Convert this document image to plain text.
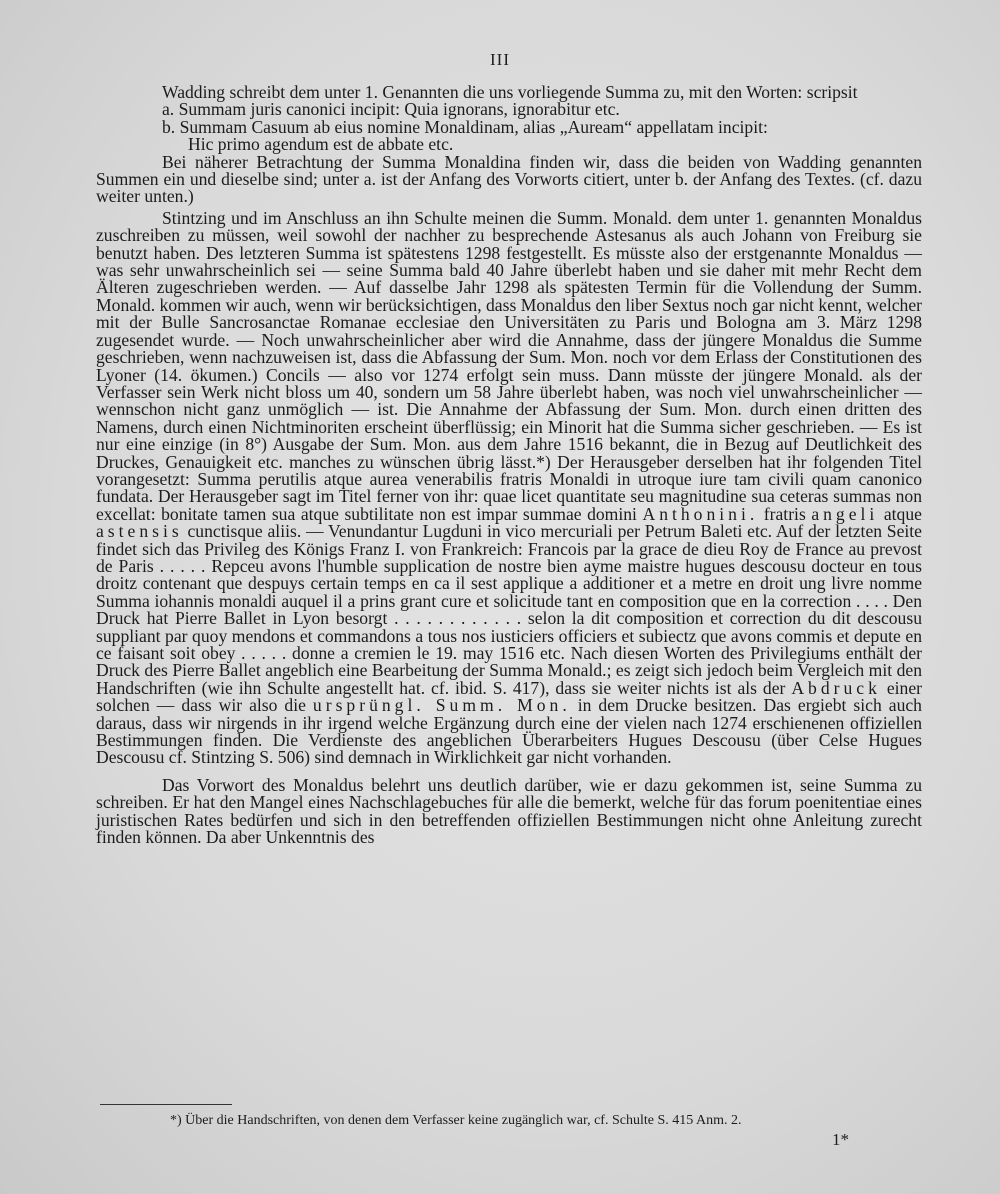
III

Wadding schreibt dem unter 1. Genannten die uns vorliegende Summa zu, mit den Worten: scripsit

a. Summam juris canonici incipit: Quia ignorans, ignorabitur etc.

b. Summam Casuum ab eius nomine Monaldinam, alias „Auream“ appellatam incipit:

Hic primo agendum est de abbate etc.

Bei näherer Betrachtung der Summa Monaldina finden wir, dass die beiden von Wadding genannten Summen ein und dieselbe sind; unter a. ist der Anfang des Vorworts citiert, unter b. der Anfang des Textes. (cf. dazu weiter unten.)

Stintzing und im Anschluss an ihn Schulte meinen die Summ. Monald. dem unter 1. genannten Monaldus zuschreiben zu müssen, weil sowohl der nachher zu besprechende Astesanus als auch Johann von Freiburg sie benutzt haben. Des letzteren Summa ist spätestens 1298 festgestellt. Es müsste also der erstgenannte Monaldus — was sehr unwahrscheinlich sei — seine Summa bald 40 Jahre überlebt haben und sie daher mit mehr Recht dem Älteren zugeschrieben werden. — Auf dasselbe Jahr 1298 als spätesten Termin für die Vollendung der Summ. Monald. kommen wir auch, wenn wir berücksichtigen, dass Monaldus den liber Sextus noch gar nicht kennt, welcher mit der Bulle Sancrosanctae Romanae ecclesiae den Universitäten zu Paris und Bologna am 3. März 1298 zugesendet wurde. — Noch unwahrscheinlicher aber wird die Annahme, dass der jüngere Monaldus die Summe geschrieben, wenn nachzuweisen ist, dass die Abfassung der Sum. Mon. noch vor dem Erlass der Constitutionen des Lyoner (14. ökumen.) Concils — also vor 1274 erfolgt sein muss. Dann müsste der jüngere Monald. als der Verfasser sein Werk nicht bloss um 40, sondern um 58 Jahre überlebt haben, was noch viel unwahrscheinlicher — wennschon nicht ganz unmöglich — ist. Die Annahme der Abfassung der Sum. Mon. durch einen dritten des Namens, durch einen Nichtminoriten erscheint überflüssig; ein Minorit hat die Summa sicher geschrieben. — Es ist nur eine einzige (in 8°) Ausgabe der Sum. Mon. aus dem Jahre 1516 bekannt, die in Bezug auf Deutlichkeit des Druckes, Genauigkeit etc. manches zu wünschen übrig lässt.*) Der Herausgeber derselben hat ihr folgenden Titel vorangesetzt: Summa perutilis atque aurea venerabilis fratris Monaldi in utroque iure tam civili quam canonico fundata. Der Herausgeber sagt im Titel ferner von ihr: quae licet quantitate seu magnitudine sua ceteras summas non excellat: bonitate tamen sua atque subtilitate non est impar summae domini Anthonini. fratris angeli atque astensis cunctisque aliis. — Venundantur Lugduni in vico mercuriali per Petrum Baleti etc. Auf der letzten Seite findet sich das Privileg des Königs Franz I. von Frankreich: Francois par la grace de dieu Roy de France au prevost de Paris . . . . . Repceu avons l'humble supplication de nostre bien ayme maistre hugues descousu docteur en tous droitz contenant que despuys certain temps en ca il sest applique a additioner et a metre en droit ung livre nomme Summa iohannis monaldi auquel il a prins grant cure et solicitude tant en composition que en la correction . . . . Den Druck hat Pierre Ballet in Lyon besorgt . . . . . . . . . . . . selon la dit composition et correction du dit descousu suppliant par quoy mendons et commandons a tous nos iusticiers officiers et subiectz que avons commis et depute en ce faisant soit obey . . . . . donne a cremien le 19. may 1516 etc. Nach diesen Worten des Privilegiums enthält der Druck des Pierre Ballet angeblich eine Bearbeitung der Summa Monald.; es zeigt sich jedoch beim Vergleich mit den Handschriften (wie ihn Schulte angestellt hat. cf. ibid. S. 417), dass sie weiter nichts ist als der Abdruck einer solchen — dass wir also die ursprüngl. Summ. Mon. in dem Drucke besitzen. Das ergiebt sich auch daraus, dass wir nirgends in ihr irgend welche Ergänzung durch eine der vielen nach 1274 erschienenen offiziellen Bestimmungen finden. Die Verdienste des angeblichen Überarbeiters Hugues Descousu (über Celse Hugues Descousu cf. Stintzing S. 506) sind demnach in Wirklichkeit gar nicht vorhanden.

Das Vorwort des Monaldus belehrt uns deutlich darüber, wie er dazu gekommen ist, seine Summa zu schreiben. Er hat den Mangel eines Nachschlagebuches für alle die bemerkt, welche für das forum poenitentiae eines juristischen Rates bedürfen und sich in den betreffenden offiziellen Bestimmungen nicht ohne Anleitung zurecht finden können. Da aber Unkenntnis des

*) Über die Handschriften, von denen dem Verfasser keine zugänglich war, cf. Schulte S. 415 Anm. 2.
1*
